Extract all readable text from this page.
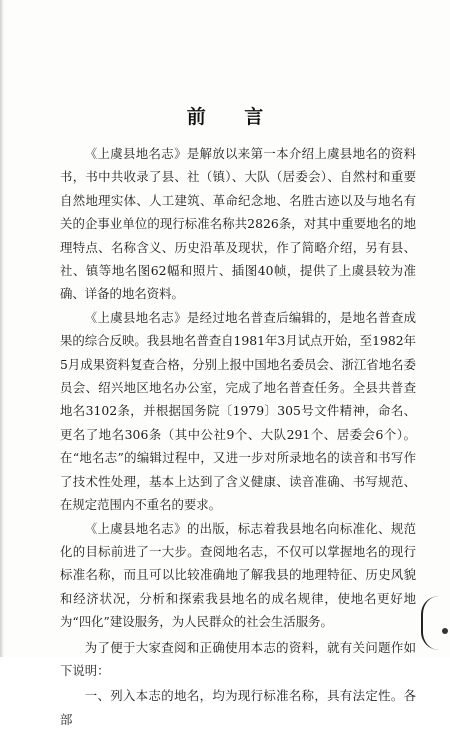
前 言

《上虞县地名志》是解放以来第一本介绍上虞县地名的资料书，书中共收录了县、社（镇）、大队（居委会）、自然村和重要自然地理实体、人工建筑、革命纪念地、名胜古迹以及与地名有关的企事业单位的现行标准名称共2826条，对其中重要地名的地理特点、名称含义、历史沿革及现状，作了简略介绍，另有县、社、镇等地名图62幅和照片、插图40帧，提供了上虞县较为准确、详备的地名资料。

《上虞县地名志》是经过地名普查后编辑的，是地名普查成果的综合反映。我县地名普查自1981年3月试点开始，至1982年5月成果资料复查合格，分别上报中国地名委员会、浙江省地名委员会、绍兴地区地名办公室，完成了地名普查任务。全县共普查地名3102条，并根据国务院〔1979〕305号文件精神，命名、更名了地名306条（其中公社9个、大队291个、居委会6个）。在“地名志”的编辑过程中，又进一步对所录地名的读音和书写作了技术性处理，基本上达到了含义健康、读音准确、书写规范、在规定范围内不重名的要求。

《上虞县地名志》的出版，标志着我县地名向标准化、规范化的目标前进了一大步。查阅地名志，不仅可以掌握地名的现行标准名称，而且可以比较准确地了解我县的地理特征、历史风貌和经济状况，分析和探索我县地名的成名规律，使地名更好地为“四化”建设服务，为人民群众的社会生活服务。

为了便于大家查阅和正确使用本志的资料，就有关问题作如下说明：

一、列入本志的地名，均为现行标准名称，具有法定性。各部
